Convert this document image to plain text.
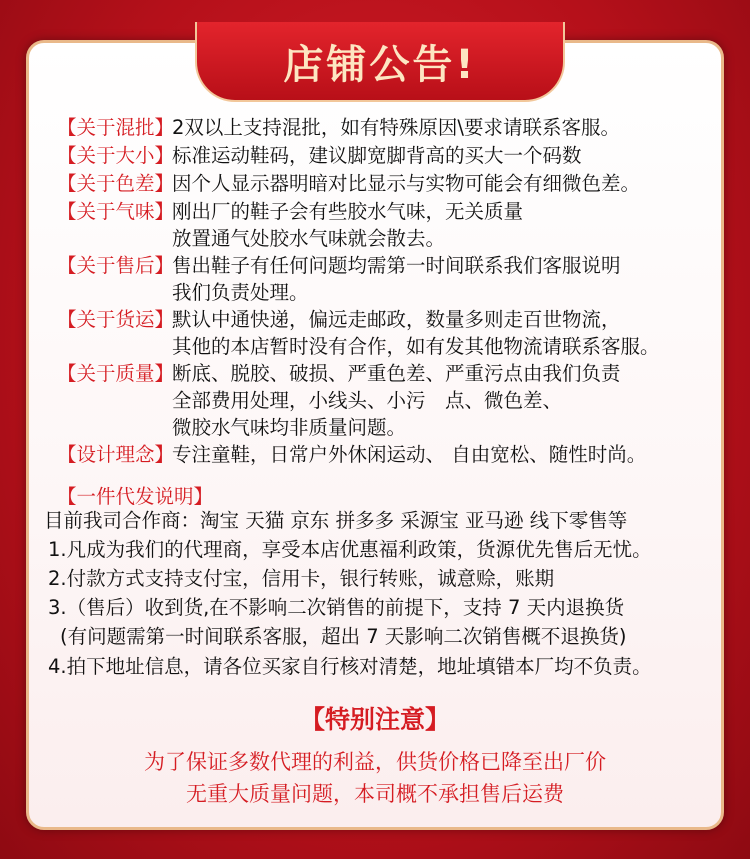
店铺公告!
【关于混批】
2双以上支持混批，如有特殊原因\要求请联系客服。
【关于大小】
标准运动鞋码，建议脚宽脚背高的买大一个码数
【关于色差】
因个人显示器明暗对比显示与实物可能会有细微色差。
【关于气味】
刚出厂的鞋子会有些胶水气味，无关质量
放置通气处胶水气味就会散去。
【关于售后】
售出鞋子有任何问题均需第一时间联系我们客服说明
我们负责处理。
【关于货运】
默认中通快递，偏远走邮政，数量多则走百世物流，
其他的本店暂时没有合作，如有发其他物流请联系客服。
【关于质量】
断底、脱胶、破损、严重色差、严重污点由我们负责
全部费用处理，小线头、小污　点、微色差、
微胶水气味均非质量问题。
【设计理念】
专注童鞋，日常户外休闲运动、 自由宽松、随性时尚。
【一件代发说明】
目前我司合作商：淘宝 天猫 京东 拼多多 采源宝 亚马逊 线下零售等
1.凡成为我们的代理商，享受本店优惠福利政策，货源优先售后无忧。
2.付款方式支持支付宝，信用卡，银行转账，诚意赊，账期
3.（售后）收到货,在不影响二次销售的前提下，支持 7 天内退换货
(有问题需第一时间联系客服，超出 7 天影响二次销售概不退换货)
4.拍下地址信息，请各位买家自行核对清楚，地址填错本厂均不负责。
【特别注意】
为了保证多数代理的利益，供货价格已降至出厂价
无重大质量问题，本司概不承担售后运费
